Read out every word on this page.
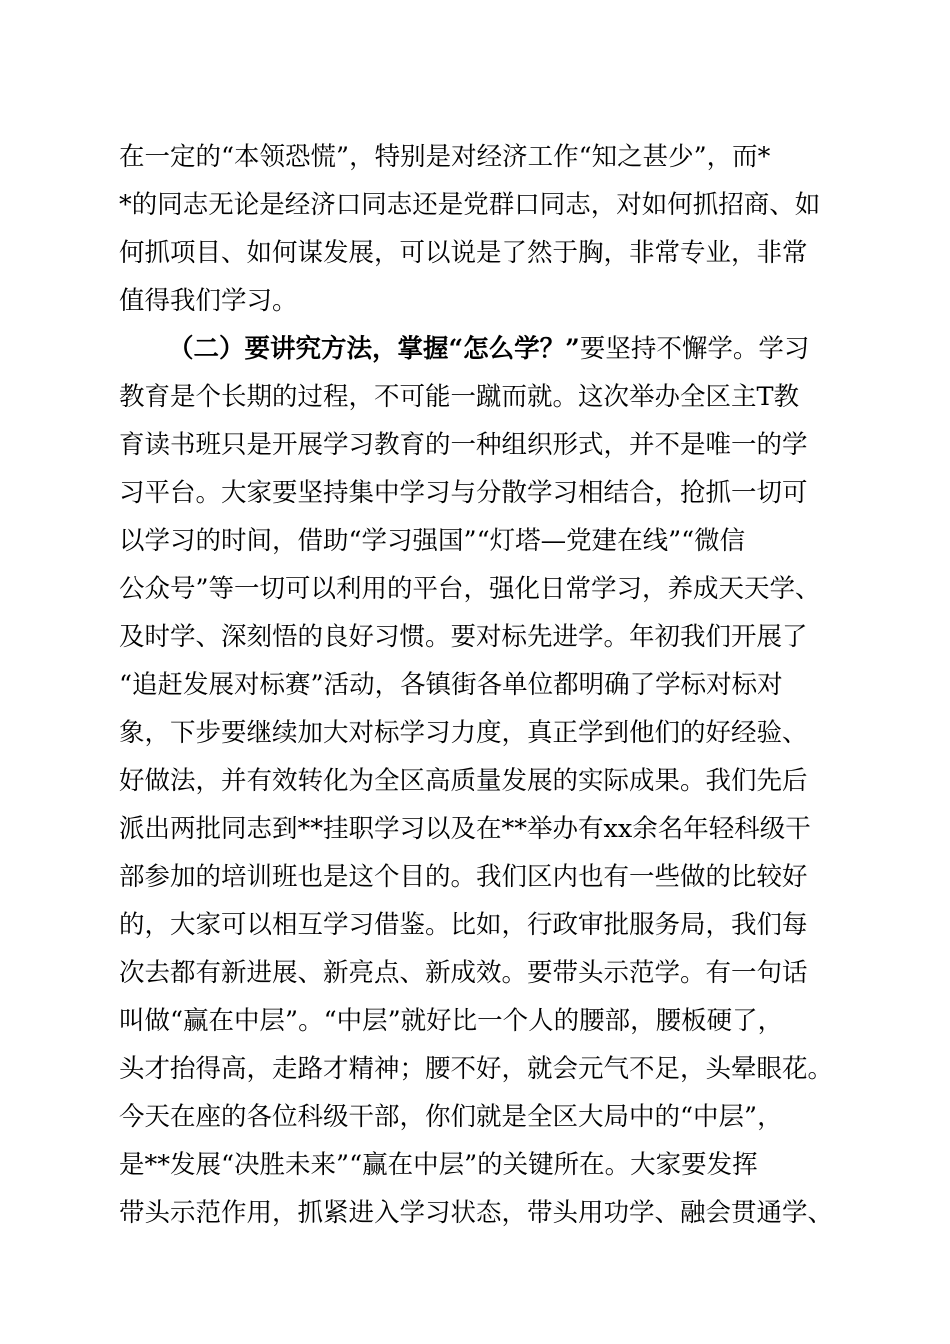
在一定的“本领恐慌”，特别是对经济工作“知之甚少”，而*
*的同志无论是经济口同志还是党群口同志，对如何抓招商、如
何抓项目、如何谋发展，可以说是了然于胸，非常专业，非常
值得我们学习。
（二）要讲究方法，掌握“怎么学？”要坚持不懈学。学习
教育是个长期的过程，不可能一蹴而就。这次举办全区主T教
育读书班只是开展学习教育的一种组织形式，并不是唯一的学
习平台。大家要坚持集中学习与分散学习相结合，抢抓一切可
以学习的时间，借助“学习强国”“灯塔—党建在线”“微信
公众号”等一切可以利用的平台，强化日常学习，养成天天学、
及时学、深刻悟的良好习惯。要对标先进学。年初我们开展了
“追赶发展对标赛”活动，各镇街各单位都明确了学标对标对
象，下步要继续加大对标学习力度，真正学到他们的好经验、
好做法，并有效转化为全区高质量发展的实际成果。我们先后
派出两批同志到**挂职学习以及在**举办有xx余名年轻科级干
部参加的培训班也是这个目的。我们区内也有一些做的比较好
的，大家可以相互学习借鉴。比如，行政审批服务局，我们每
次去都有新进展、新亮点、新成效。要带头示范学。有一句话
叫做“赢在中层”。“中层”就好比一个人的腰部，腰板硬了，
头才抬得高，走路才精神；腰不好，就会元气不足，头晕眼花。
今天在座的各位科级干部，你们就是全区大局中的“中层”，
是**发展“决胜未来”“赢在中层”的关键所在。大家要发挥
带头示范作用，抓紧进入学习状态，带头用功学、融会贯通学、
